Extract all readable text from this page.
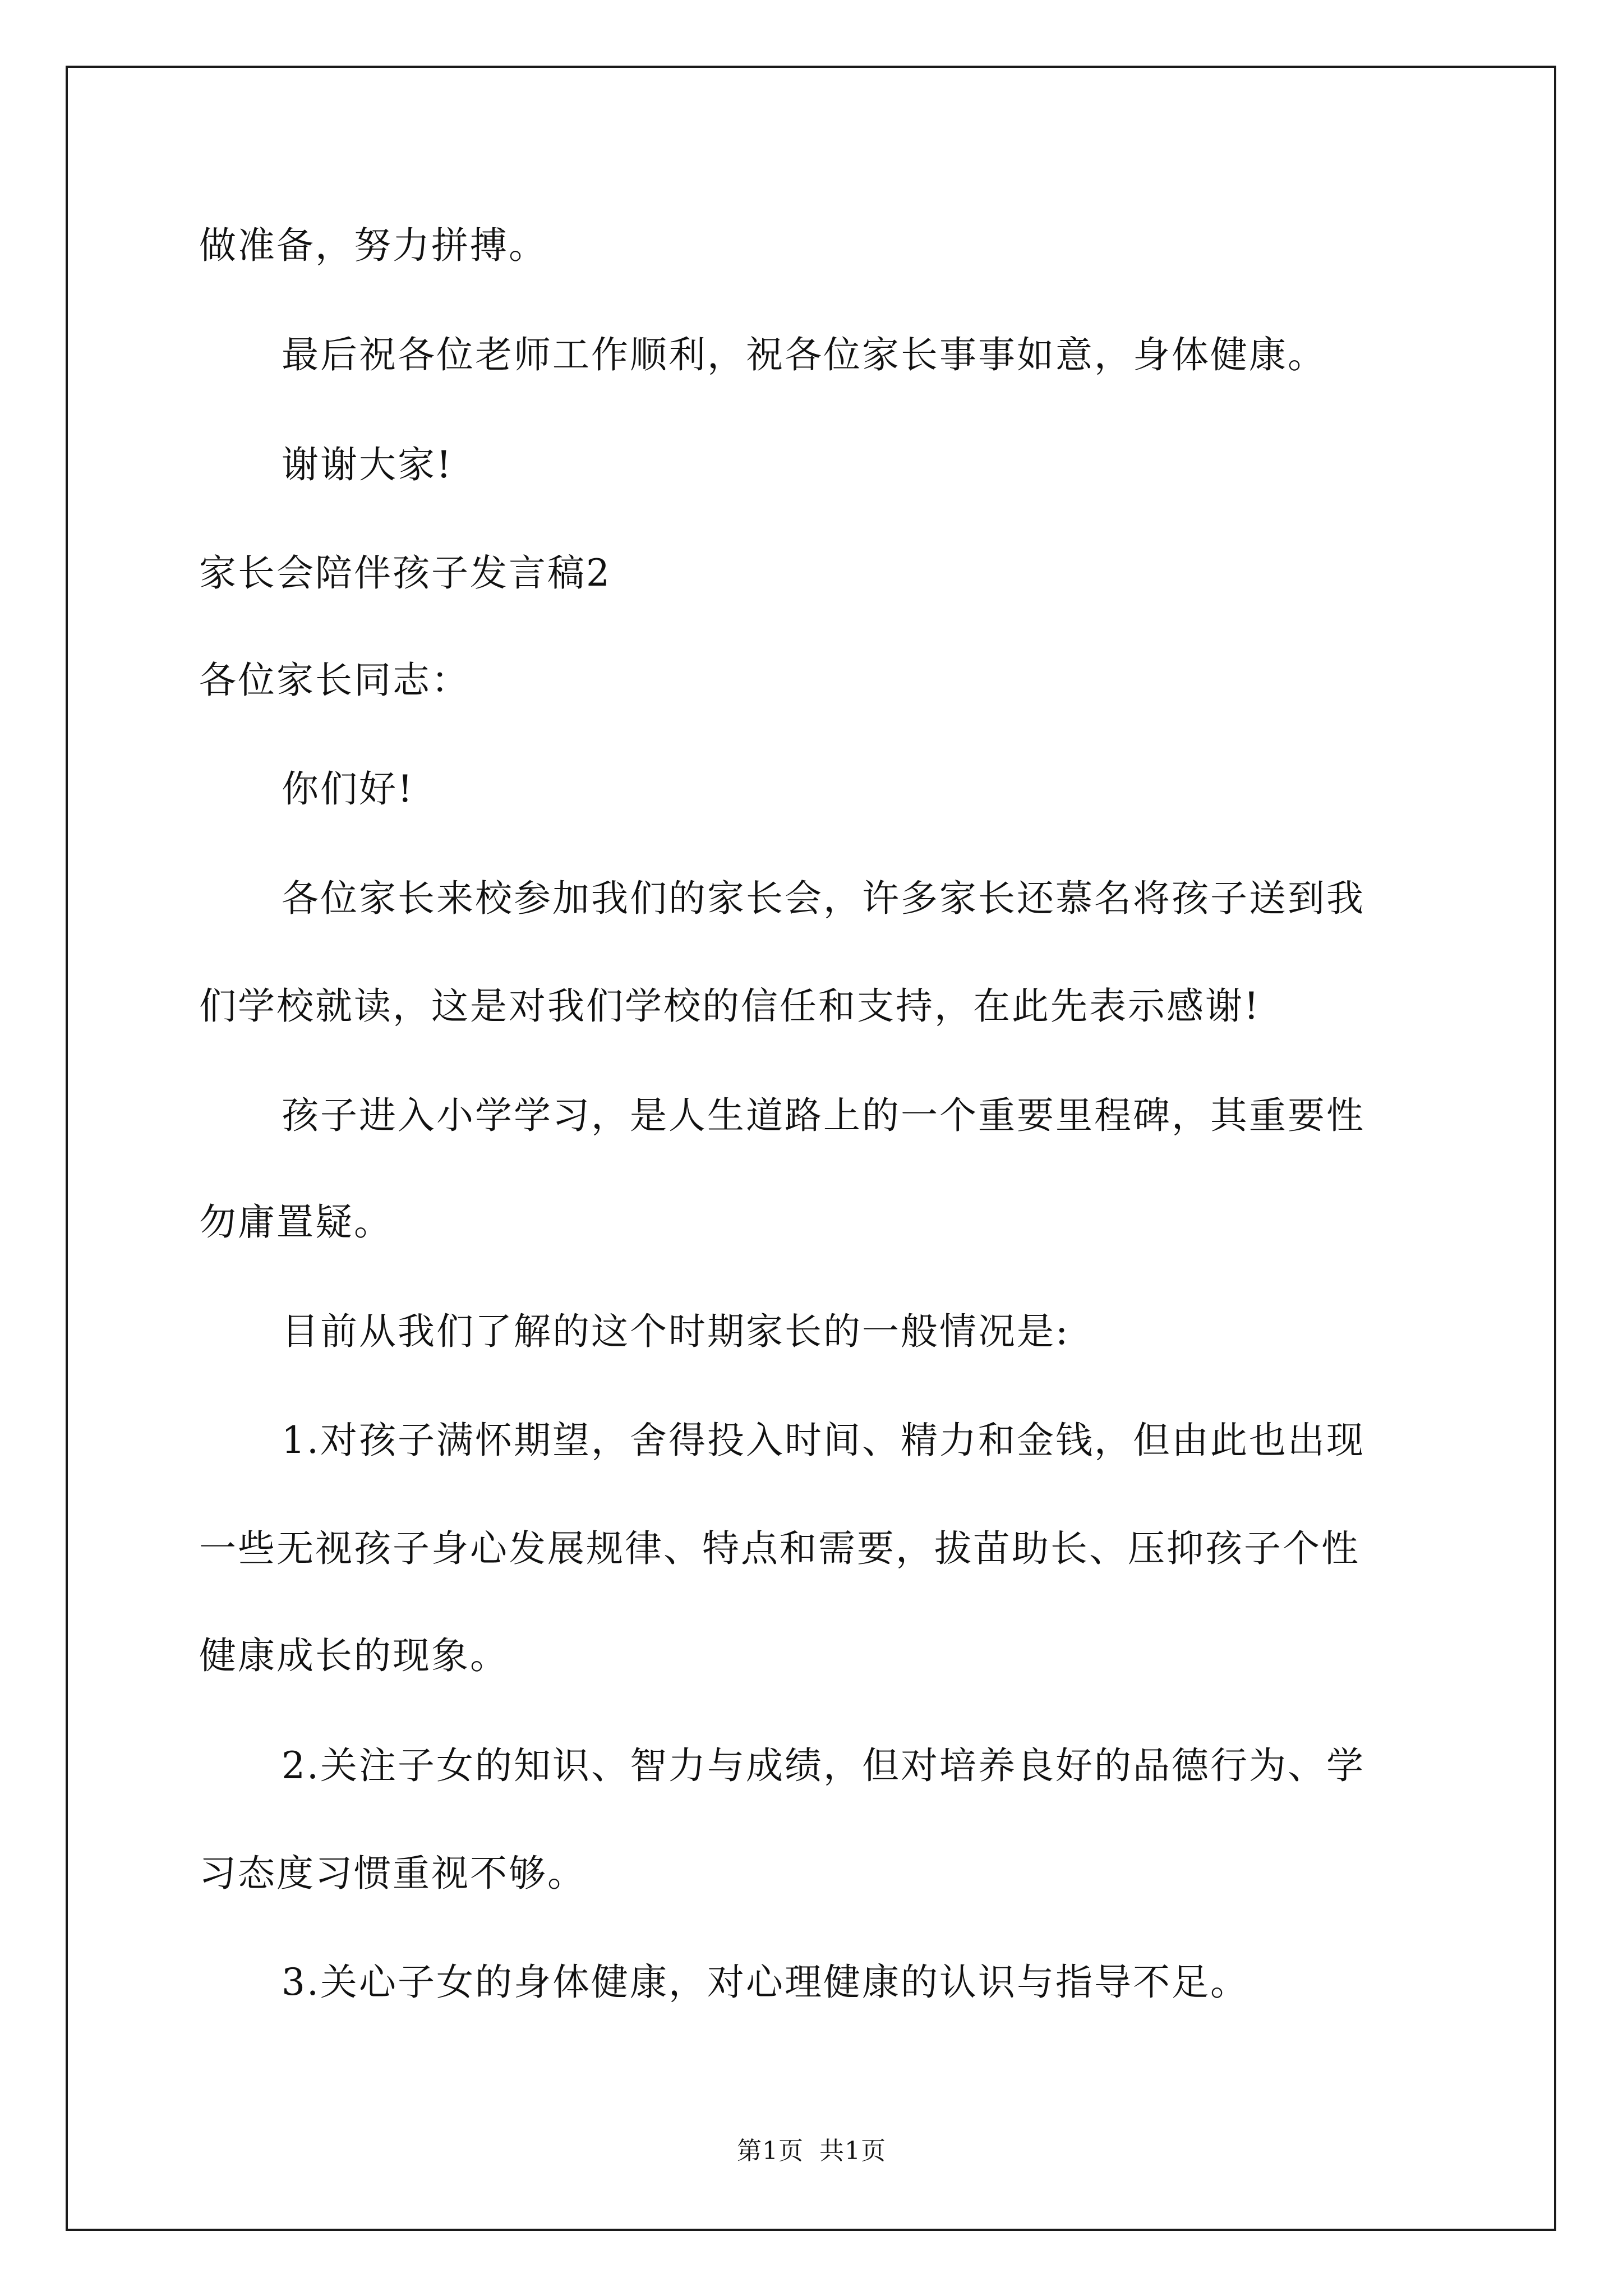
做准备，努力拼搏。
最后祝各位老师工作顺利，祝各位家长事事如意，身体健康。
谢谢大家!
家长会陪伴孩子发言稿2
各位家长同志：
你们好!
各位家长来校参加我们的家长会，许多家长还慕名将孩子送到我
们学校就读，这是对我们学校的信任和支持，在此先表示感谢!
孩子进入小学学习，是人生道路上的一个重要里程碑，其重要性
勿庸置疑。
目前从我们了解的这个时期家长的一般情况是:
1.对孩子满怀期望，舍得投入时间、精力和金钱，但由此也出现
一些无视孩子身心发展规律、特点和需要，拔苗助长、压抑孩子个性
健康成长的现象。
2.关注子女的知识、智力与成绩，但对培养良好的品德行为、学
习态度习惯重视不够。
3.关心子女的身体健康，对心理健康的认识与指导不足。
第1页 共1页
